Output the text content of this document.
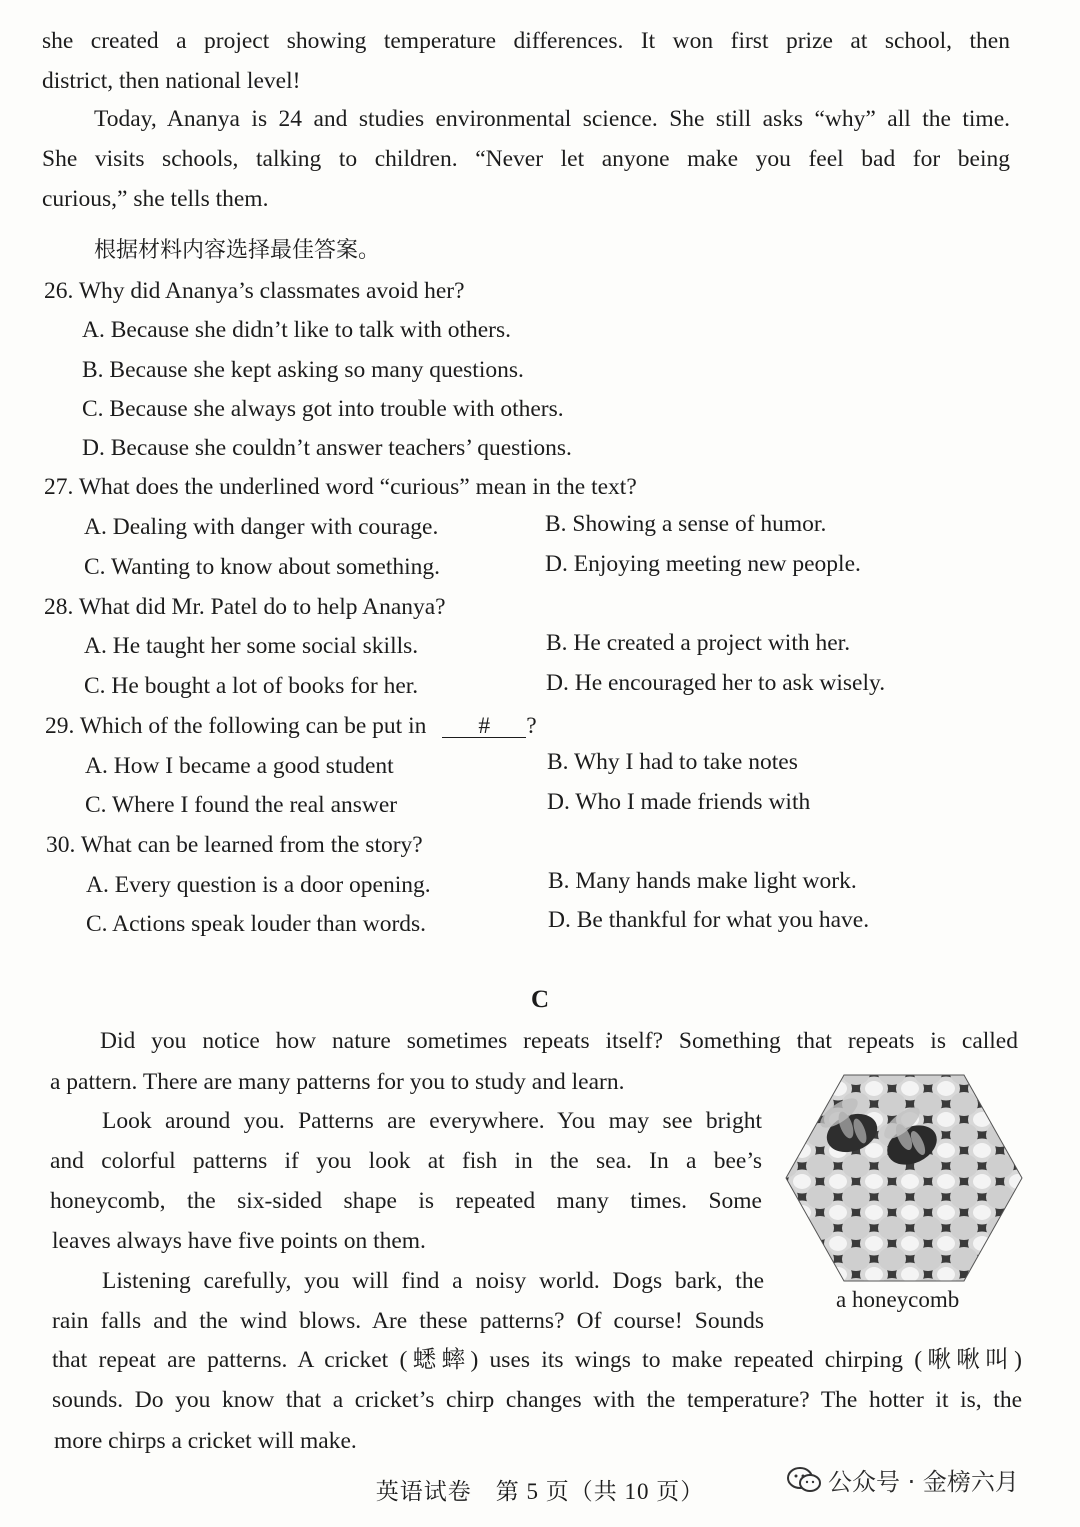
she created a project showing temperature differences. It won first prize at school, then
district, then national level!
Today, Ananya is 24 and studies environmental science. She still asks “why” all the time.
She visits schools, talking to children. “Never let anyone make you feel bad for being
curious,” she tells them.
根据材料内容选择最佳答案。
26. Why did Ananya’s classmates avoid her?
A. Because she didn’t like to talk with others.
B. Because she kept asking so many questions.
C. Because she always got into trouble with others.
D. Because she couldn’t answer teachers’ questions.
27. What does the underlined word “curious” mean in the text?
A. Dealing with danger with courage.	B. Showing a sense of humor.
C. Wanting to know about something.	D. Enjoying meeting new people.
28. What did Mr. Patel do to help Ananya?
A. He taught her some social skills.	B. He created a project with her.
C. He bought a lot of books for her.	D. He encouraged her to ask wisely.
29. Which of the following can be put in # ?
A. How I became a good student	B. Why I had to take notes
C. Where I found the real answer	D. Who I made friends with
30. What can be learned from the story?
A. Every question is a door opening.	B. Many hands make light work.
C. Actions speak louder than words.	D. Be thankful for what you have.
C
Did you notice how nature sometimes repeats itself? Something that repeats is called
a pattern. There are many patterns for you to study and learn.
Look around you. Patterns are everywhere. You may see bright
and colorful patterns if you look at fish in the sea. In a bee’s
honeycomb, the six-sided shape is repeated many times. Some
leaves always have five points on them.
Listening carefully, you will find a noisy world. Dogs bark, the
rain falls and the wind blows. Are these patterns? Of course! Sounds
that repeat are patterns. A cricket (蟋蟀) uses its wings to make repeated chirping (啾啾叫)
sounds. Do you know that a cricket’s chirp changes with the temperature? The hotter it is, the
more chirps a cricket will make.
a honeycomb
英语试卷　第 5 页（共 10 页）	公众号 · 金榜六月
